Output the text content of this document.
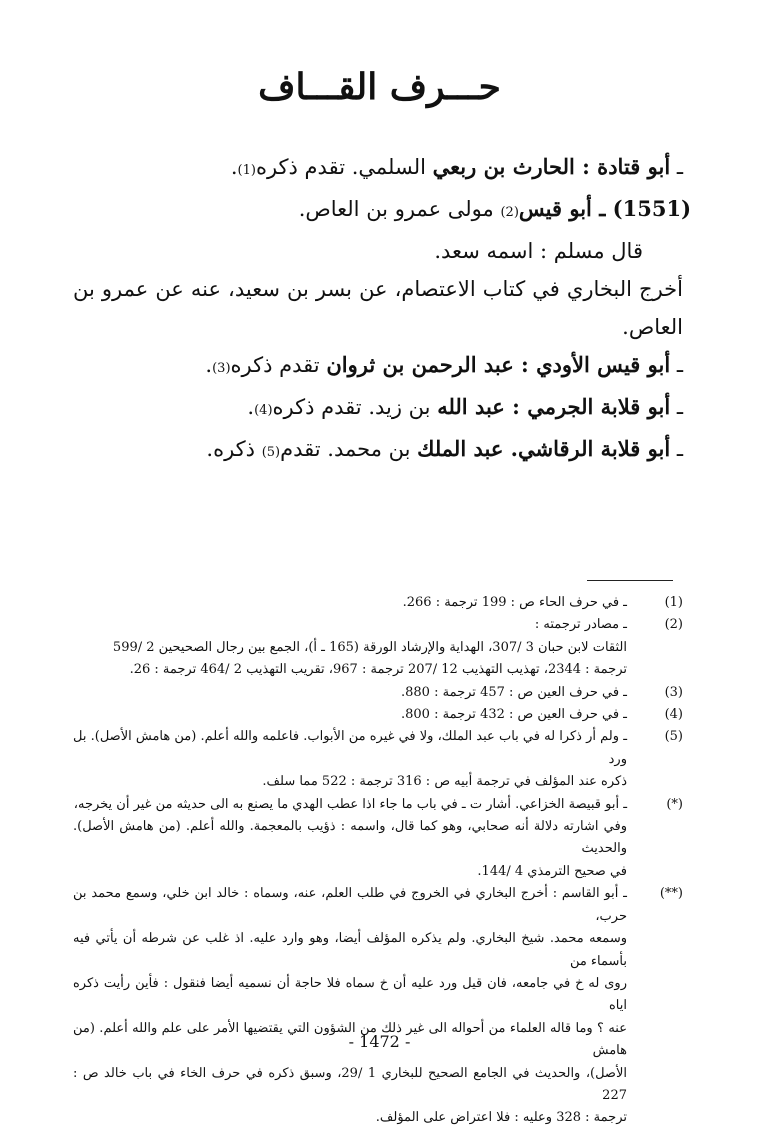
حـــرف القـــاف

ـ أبو قتادة : الحارث بن ربعي السلمي. تقدم ذكره(1).

(1551) ـ أبو قيس(2) مولى عمرو بن العاص.

قال مسلم : اسمه سعد.

أخرج البخاري في كتاب الاعتصام، عن بسر بن سعيد، عنه عن عمرو بن العاص.

ـ أبو قيس الأودي : عبد الرحمن بن ثروان تقدم ذكره(3).

ـ أبو قلابة الجرمي : عبد الله بن زيد. تقدم ذكره(4).

ـ أبو قلابة الرقاشي. عبد الملك بن محمد. تقدم(5) ذكره.

(1)
ـ في حرف الحاء ص : 199 ترجمة : 266.
(2)
ـ مصادر ترجمته :
الثقات لابن حبان 3 /307، الهداية والإرشاد الورقة (165 ـ أ)، الجمع بين رجال الصحيحين 2 /599
ترجمة : 2344، تهذيب التهذيب 12 /207 ترجمة : 967، تقريب التهذيب 2 /464 ترجمة : 26.
(3)
ـ في حرف العين ص : 457 ترجمة : 880.
(4)
ـ في حرف العين ص : 432 ترجمة : 800.
(5)
ـ ولم أر ذكرا له في باب عبد الملك، ولا في غيره من الأبواب. فاعلمه والله أعلم. (من هامش الأصل). بل ورد
ذكره عند المؤلف في ترجمة أبيه ص : 316 ترجمة : 522 مما سلف.
(*)
ـ أبو قبيصة الخزاعي. أشار ت ـ في باب ما جاء اذا عطب الهدي ما يصنع به الى حديثه من غير أن يخرجه،
وفي اشارته دلالة أنه صحابي، وهو كما قال، واسمه : ذؤيب بالمعجمة. والله أعلم. (من هامش الأصل). والحديث
في صحيح الترمذي 4 /144.
(**)
ـ أبو القاسم : أخرج البخاري في الخروج في طلب العلم، عنه، وسماه : خالد ابن خلي، وسمع محمد بن حرب،
وسمعه محمد. شيخ البخاري. ولم يذكره المؤلف أيضا، وهو وارد عليه. اذ غلب عن شرطه أن يأتي فيه بأسماء من
روى له خ في جامعه، فان قيل ورد عليه أن خ سماه فلا حاجة أن نسميه أيضا فنقول : فأين رأيت ذكره اياه
عنه ؟ وما قاله العلماء من أحواله الى غير ذلك من الشؤون التي يقتضيها الأمر على علم والله أعلم. (من هامش
الأصل)، والحديث في الجامع الصحيح للبخاري 1 /29، وسبق ذكره في حرف الخاء في باب خالد ص : 227
ترجمة : 328 وعليه : فلا اعتراض على المؤلف.
- 1472 -
